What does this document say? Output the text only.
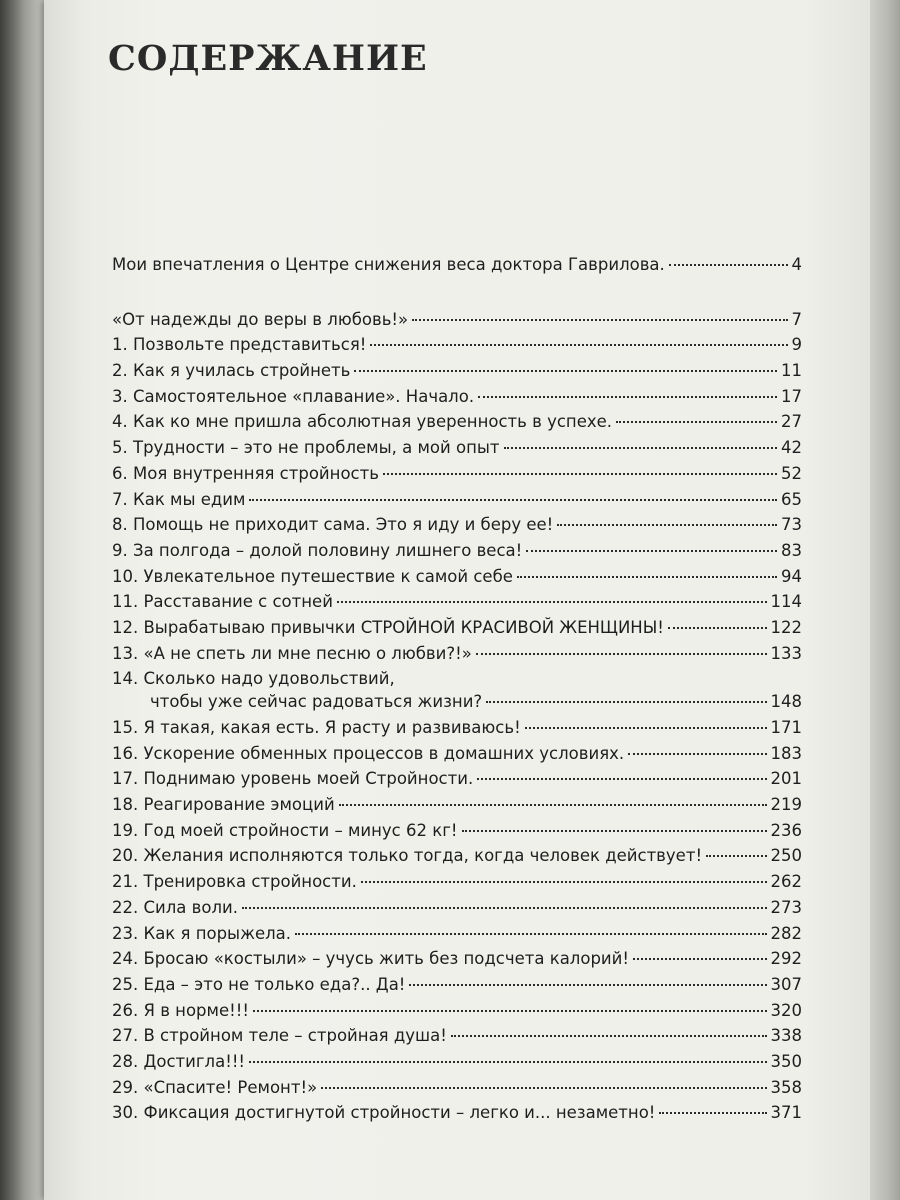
СОДЕРЖАНИЕ
Мои впечатления о Центре снижения веса доктора Гаврилова.	4
«От надежды до веры в любовь!»	7
1. Позвольте представиться!	9
2. Как я училась стройнеть	11
3. Самостоятельное «плавание». Начало.	17
4. Как ко мне пришла абсолютная уверенность в успехе.	27
5. Трудности – это не проблемы, а мой опыт	42
6. Моя внутренняя стройность	52
7. Как мы едим	65
8. Помощь не приходит сама. Это я иду и беру ее!	73
9. За полгода – долой половину лишнего веса!	83
10. Увлекательное путешествие к самой себе	94
11. Расставание с сотней	114
12. Вырабатываю привычки СТРОЙНОЙ КРАСИВОЙ ЖЕНЩИНЫ!	122
13. «А не спеть ли мне песню о любви?!»	133
14. Сколько надо удовольствий,
чтобы уже сейчас радоваться жизни?	148
15. Я такая, какая есть. Я расту и развиваюсь!	171
16. Ускорение обменных процессов в домашних условиях.	183
17. Поднимаю уровень моей Стройности.	201
18. Реагирование эмоций	219
19. Год моей стройности – минус 62 кг!	236
20. Желания исполняются только тогда, когда человек действует!	250
21. Тренировка стройности.	262
22. Сила воли.	273
23. Как я порыжела.	282
24. Бросаю «костыли» – учусь жить без подсчета калорий!	292
25. Еда – это не только еда?.. Да!	307
26. Я в норме!!!	320
27. В стройном теле – стройная душа!	338
28. Достигла!!!	350
29. «Спасите! Ремонт!»	358
30. Фиксация достигнутой стройности – легко и... незаметно!	371
